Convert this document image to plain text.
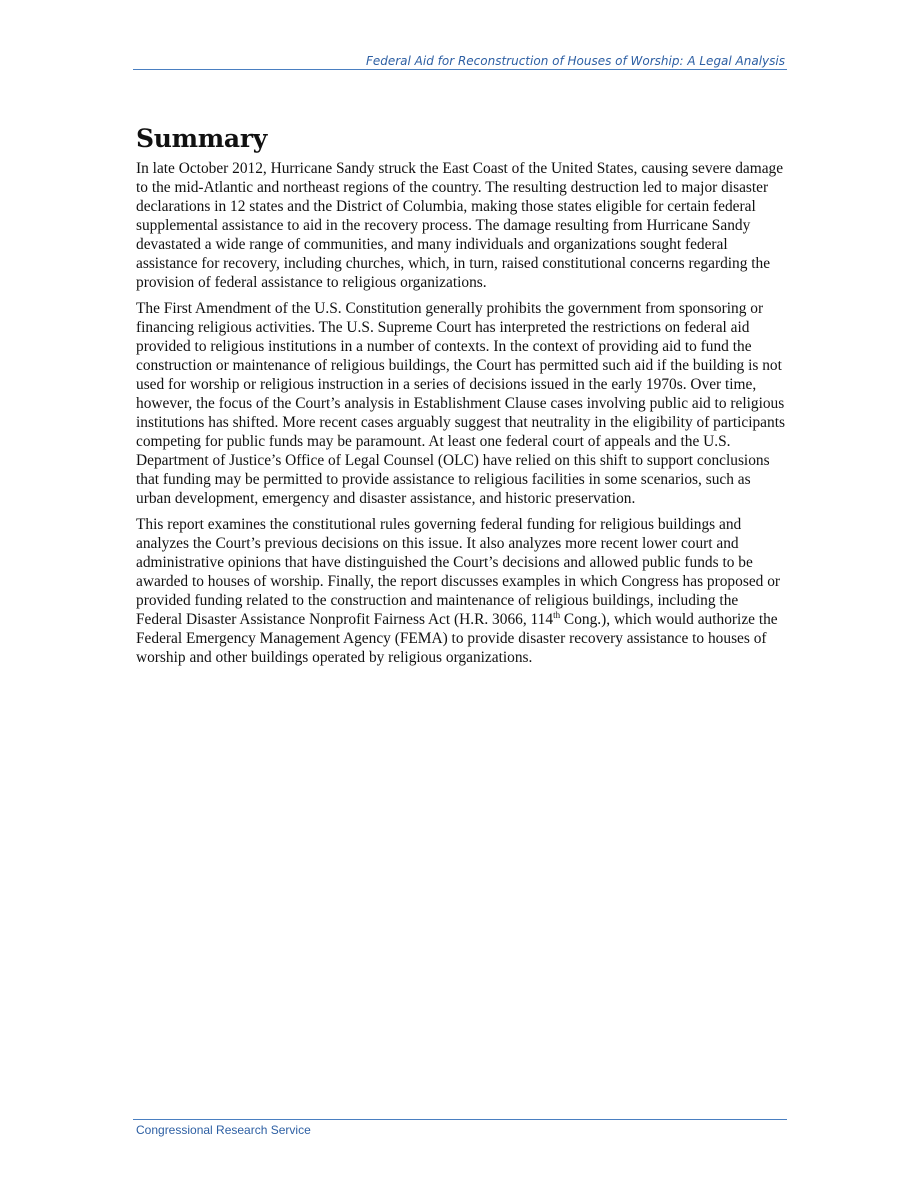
Federal Aid for Reconstruction of Houses of Worship: A Legal Analysis
Summary

In late October 2012, Hurricane Sandy struck the East Coast of the United States, causing severe damage to the mid-Atlantic and northeast regions of the country. The resulting destruction led to major disaster declarations in 12 states and the District of Columbia, making those states eligible for certain federal supplemental assistance to aid in the recovery process. The damage resulting from Hurricane Sandy devastated a wide range of communities, and many individuals and organizations sought federal assistance for recovery, including churches, which, in turn, raised constitutional concerns regarding the provision of federal assistance to religious organizations.

The First Amendment of the U.S. Constitution generally prohibits the government from sponsoring or financing religious activities. The U.S. Supreme Court has interpreted the restrictions on federal aid provided to religious institutions in a number of contexts. In the context of providing aid to fund the construction or maintenance of religious buildings, the Court has permitted such aid if the building is not used for worship or religious instruction in a series of decisions issued in the early 1970s. Over time, however, the focus of the Court’s analysis in Establishment Clause cases involving public aid to religious institutions has shifted. More recent cases arguably suggest that neutrality in the eligibility of participants competing for public funds may be paramount. At least one federal court of appeals and the U.S. Department of Justice’s Office of Legal Counsel (OLC) have relied on this shift to support conclusions that funding may be permitted to provide assistance to religious facilities in some scenarios, such as urban development, emergency and disaster assistance, and historic preservation.

This report examines the constitutional rules governing federal funding for religious buildings and analyzes the Court’s previous decisions on this issue. It also analyzes more recent lower court and administrative opinions that have distinguished the Court’s decisions and allowed public funds to be awarded to houses of worship. Finally, the report discusses examples in which Congress has proposed or provided funding related to the construction and maintenance of religious buildings, including the Federal Disaster Assistance Nonprofit Fairness Act (H.R. 3066, 114th Cong.), which would authorize the Federal Emergency Management Agency (FEMA) to provide disaster recovery assistance to houses of worship and other buildings operated by religious organizations.

Congressional Research Service
